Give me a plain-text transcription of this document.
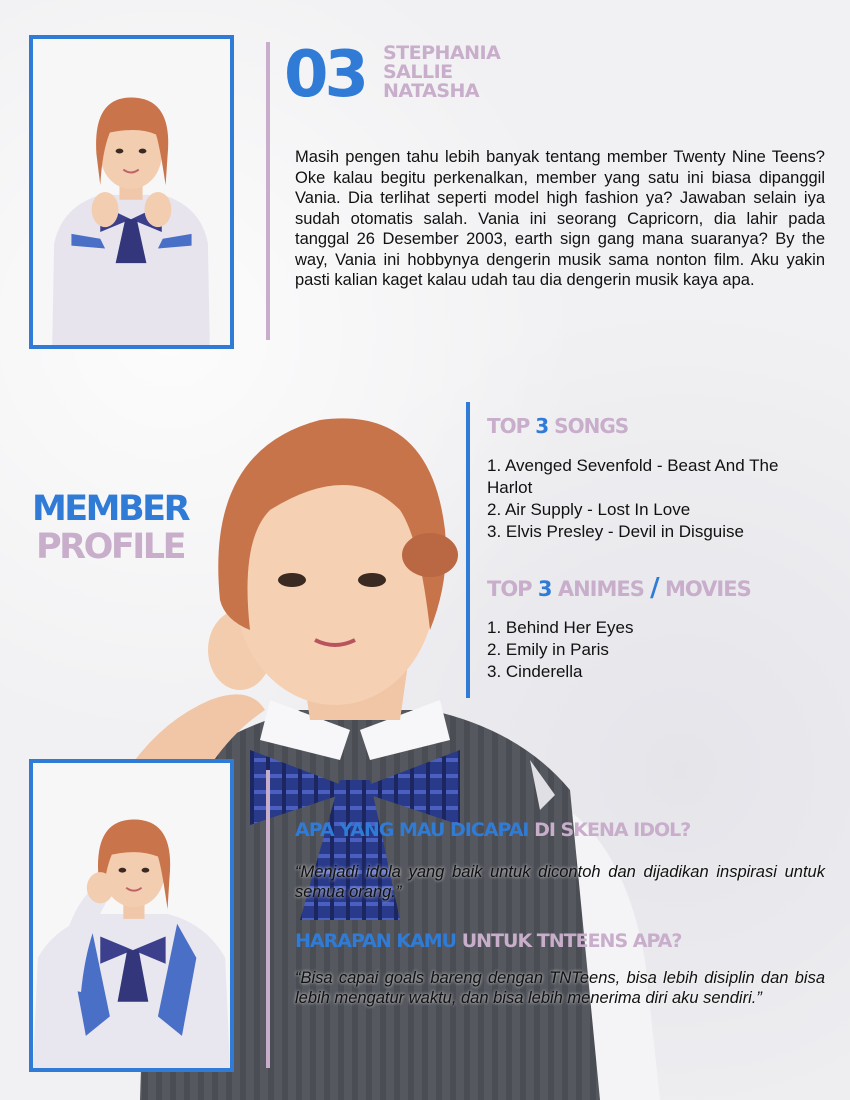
03 STEPHANIA
SALLIE
NATASHA

Masih pengen tahu lebih banyak tentang member Twenty Nine Teens? Oke kalau begitu perkenalkan, member yang satu ini biasa dipanggil Vania. Dia terlihat seperti model high fashion ya? Jawaban selain iya sudah otomatis salah. Vania ini seorang Capricorn, dia lahir pada tanggal 26 Desember 2003, earth sign gang mana suaranya? By the way, Vania ini hobbynya dengerin musik sama nonton film. Aku yakin pasti kalian kaget kalau udah tau dia dengerin musik kaya apa.

MEMBER
PROFILE
TOP 3 SONGS
1. Avenged Sevenfold - Beast And The Harlot
2. Air Supply - Lost In Love
3. Elvis Presley - Devil in Disguise
TOP 3 ANIMES / MOVIES
1. Behind Her Eyes
2. Emily in Paris
3. Cinderella
APA YANG MAU DICAPAI DI SKENA IDOL?

“Menjadi idola yang baik untuk dicontoh dan dijadikan inspirasi untuk semua orang.”

HARAPAN KAMU UNTUK TNTEENS APA?

“Bisa capai goals bareng dengan TNTeens, bisa lebih disiplin dan bisa lebih mengatur waktu, dan bisa lebih menerima diri aku sendiri.”
